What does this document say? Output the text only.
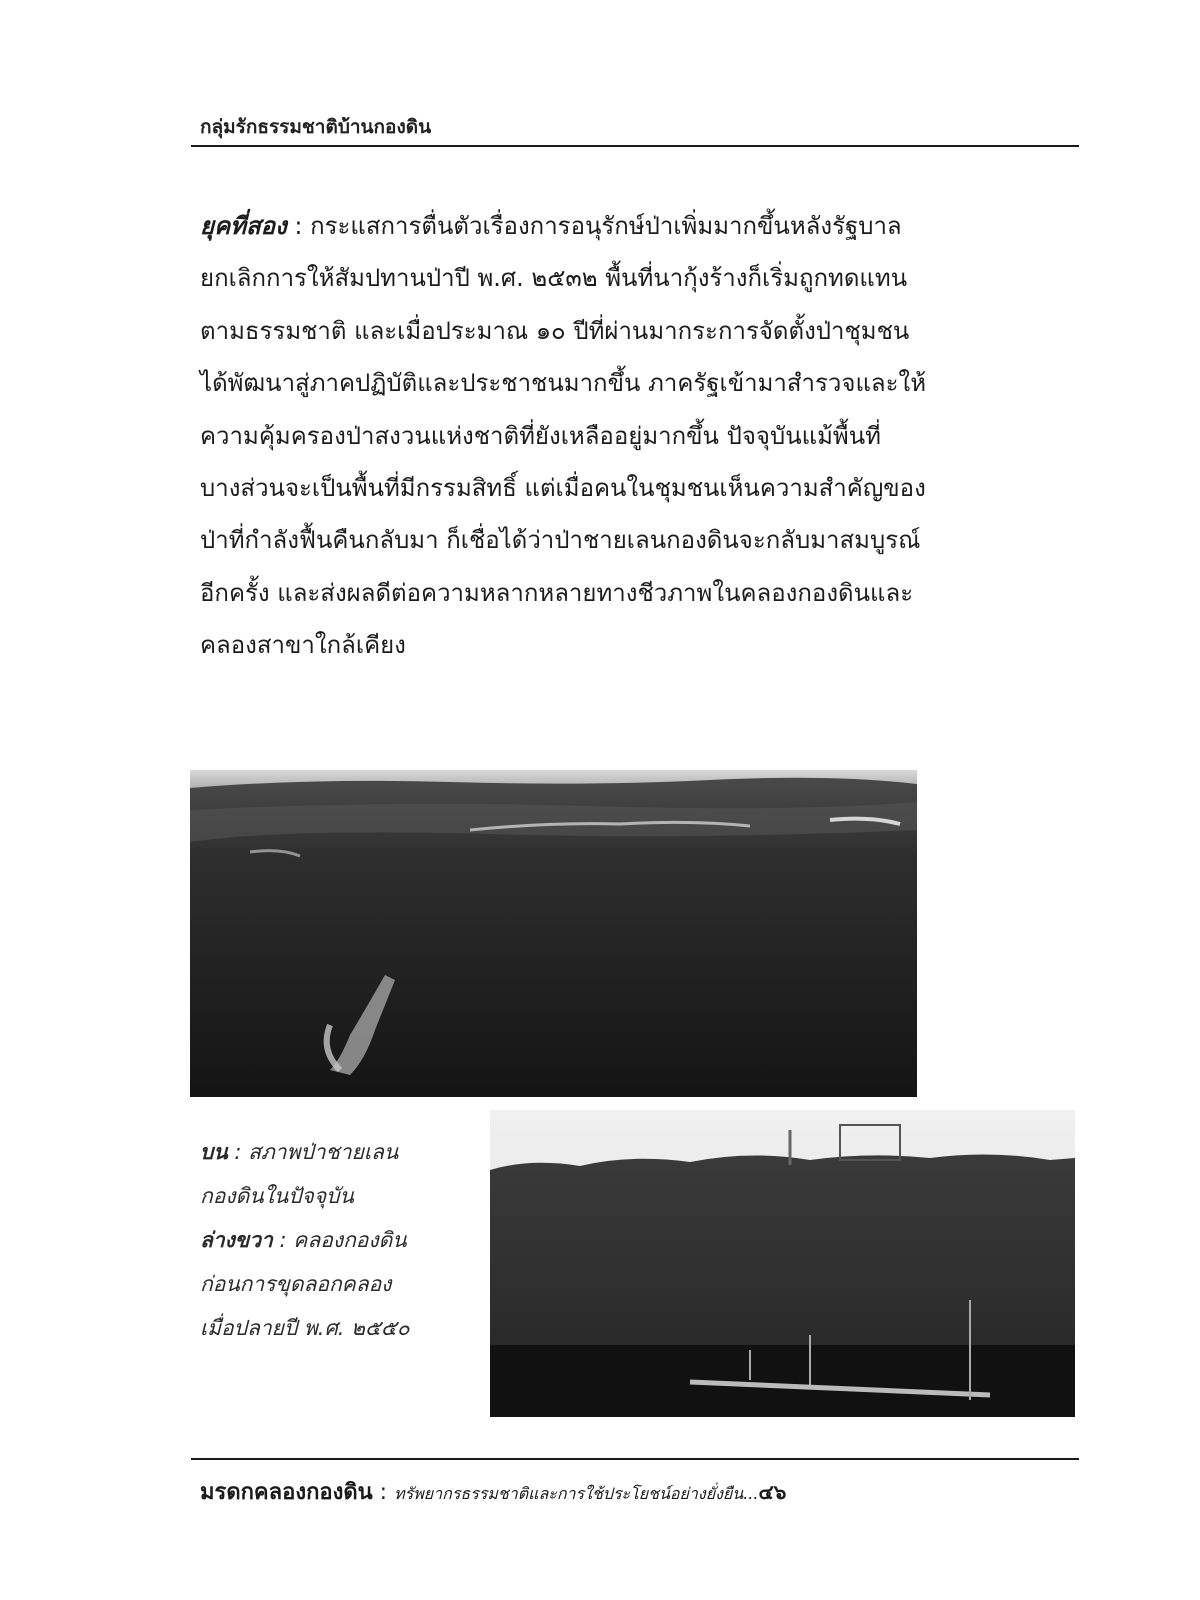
กลุ่มรักธรรมชาติบ้านกองดิน
ยุคที่สอง : กระแสการตื่นตัวเรื่องการอนุรักษ์ป่าเพิ่มมากขึ้นหลังรัฐบาล
ยกเลิกการให้สัมปทานป่าปี พ.ศ. ๒๕๓๒ พื้นที่นากุ้งร้างก็เริ่มถูกทดแทน
ตามธรรมชาติ และเมื่อประมาณ ๑๐ ปีที่ผ่านมากระการจัดตั้งป่าชุมชน
ได้พัฒนาสู่ภาคปฏิบัติและประชาชนมากขึ้น ภาครัฐเข้ามาสำรวจและให้
ความคุ้มครองป่าสงวนแห่งชาติที่ยังเหลืออยู่มากขึ้น ปัจจุบันแม้พื้นที่
บางส่วนจะเป็นพื้นที่มีกรรมสิทธิ์ แต่เมื่อคนในชุมชนเห็นความสำคัญของ
ป่าที่กำลังฟื้นคืนกลับมา ก็เชื่อได้ว่าป่าชายเลนกองดินจะกลับมาสมบูรณ์
อีกครั้ง และส่งผลดีต่อความหลากหลายทางชีวภาพในคลองกองดินและ
คลองสาขาใกล้เคียง
บน : สภาพป่าชายเลน
กองดินในปัจจุบัน
ล่างขวา : คลองกองดิน
ก่อนการขุดลอกคลอง
เมื่อปลายปี พ.ศ. ๒๕๕๐
มรดกคลองกองดิน : ทรัพยากรธรรมชาติและการใช้ประโยชน์อย่างยั่งยืน...๔๖
